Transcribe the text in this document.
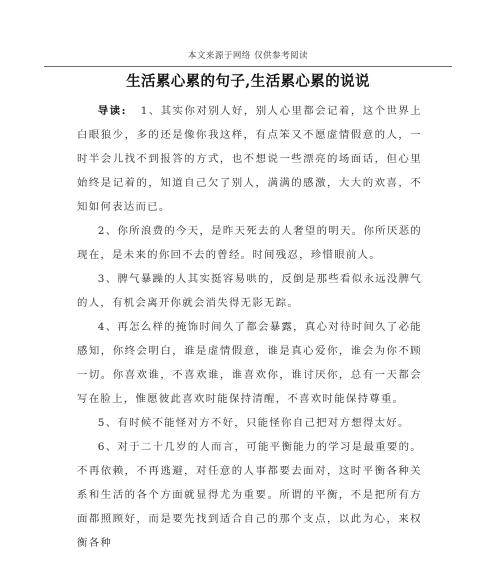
本文来源于网络 仅供参考阅读
生活累心累的句子,生活累心累的说说

导读: 1、其实你对别人好，别人心里都会记着，这个世界上白眼狼少，多的还是像你我这样，有点笨又不愿虚情假意的人，一时半会儿找不到报答的方式，也不想说一些漂亮的场面话，但心里始终是记着的，知道自己欠了别人，满满的感激，大大的欢喜，不知如何表达而已。

2、你所浪费的今天，是昨天死去的人奢望的明天。你所厌恶的现在，是未来的你回不去的曾经。时间残忍，珍惜眼前人。

3、脾气暴躁的人其实挺容易哄的，反倒是那些看似永远没脾气的人，有机会离开你就会消失得无影无踪。

4、再怎么样的掩饰时间久了都会暴露，真心对待时间久了必能感知，你终会明白，谁是虚情假意，谁是真心爱你，谁会为你不顾一切。你喜欢谁，不喜欢谁，谁喜欢你，谁讨厌你，总有一天都会写在脸上，惟愿彼此喜欢时能保持清醒，不喜欢时能保持尊重。

5、有时候不能怪对方不好，只能怪你自己把对方想得太好。

6、对于二十几岁的人而言，可能平衡能力的学习是最重要的。不再依赖，不再逃避，对任意的人事都要去面对，这时平衡各种关系和生活的各个方面就显得尤为重要。所谓的平衡，不是把所有方面都照顾好，而是要先找到适合自己的那个支点，以此为心，来权衡各种
